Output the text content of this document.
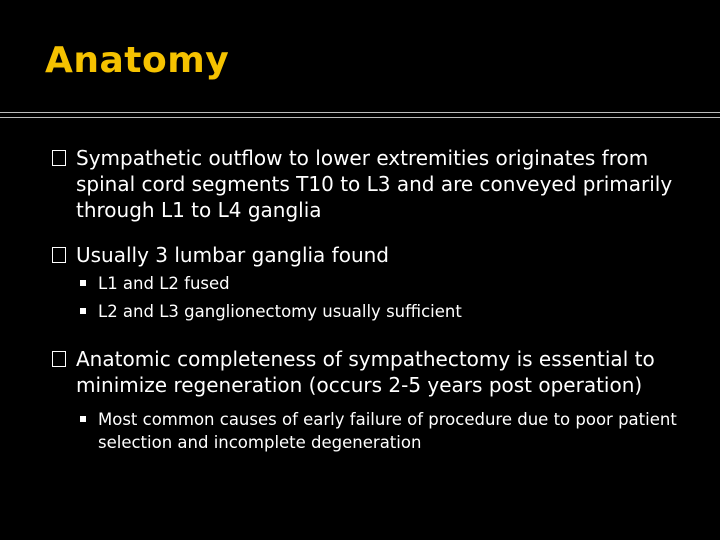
Anatomy
Sympathetic outflow to lower extremities originates from spinal cord segments T10 to L3 and are conveyed primarily through L1 to L4 ganglia
Usually 3 lumbar ganglia found
L1 and L2 fused
L2 and L3 ganglionectomy usually sufficient
Anatomic completeness of sympathectomy is essential to minimize regeneration (occurs 2-5 years post operation)
Most common causes of early failure of procedure due to poor patient selection and incomplete degeneration
